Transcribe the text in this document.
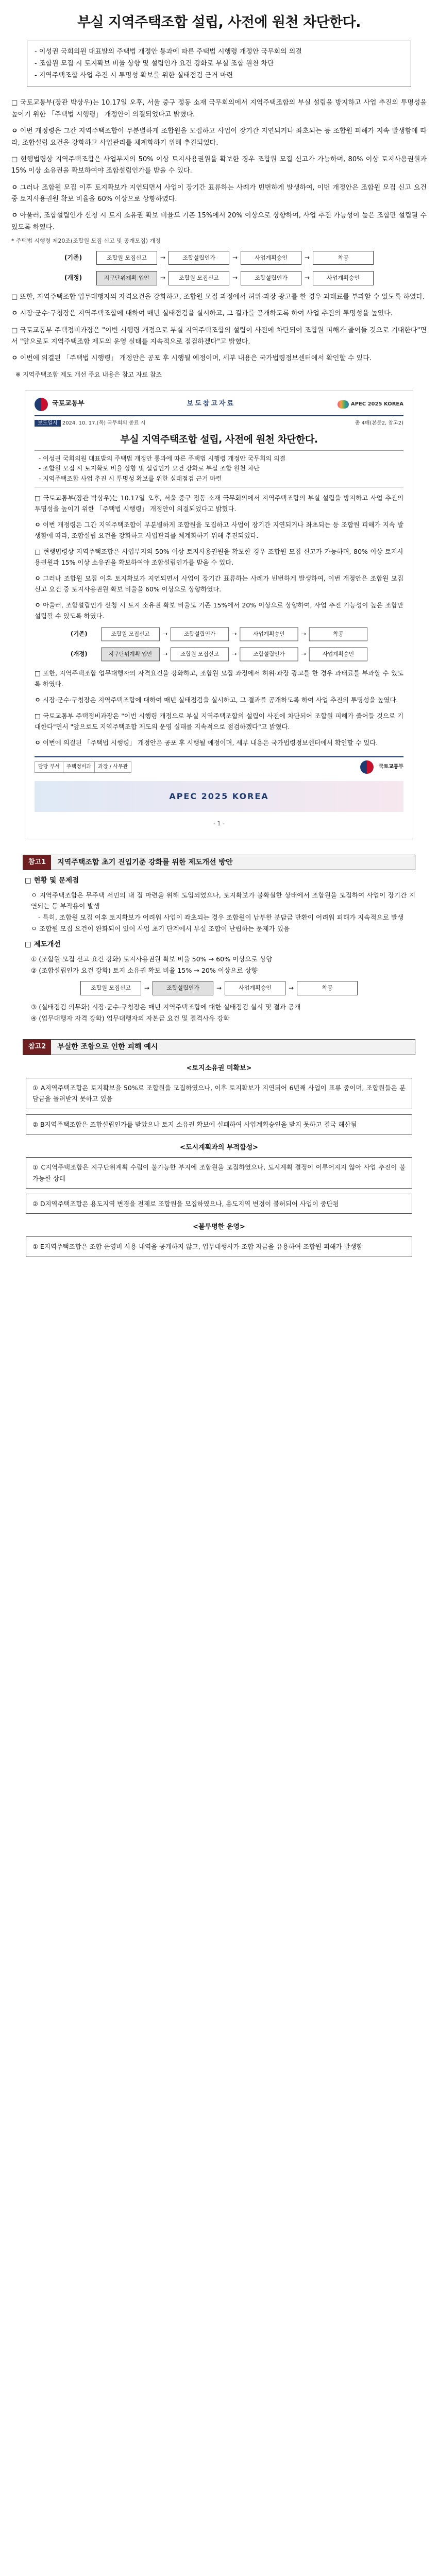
부실 지역주택조합 설립, 사전에 원천 차단한다.
- 이성권 국회의원 대표발의 주택법 개정안 통과에 따른 주택법 시행령 개정안 국무회의 의결
- 조합원 모집 시 토지확보 비율 상향 및 설립인가 요건 강화로 부실 조합 원천 차단
- 지역주택조합 사업 추진 시 투명성 확보를 위한 실태점검 근거 마련
□ 국토교통부(장관 박상우)는 10.17일 오후, 서울 중구 정동 소재 국무회의에서 지역주택조합의 부실 설립을 방지하고 사업 추진의 투명성을 높이기 위한 「주택법 시행령」 개정안이 의결되었다고 밝혔다.
ㅇ 이번 개정령은 그간 지역주택조합이 무분별하게 조합원을 모집하고 사업이 장기간 지연되거나 좌초되는 등 조합원 피해가 지속 발생함에 따라, 조합설립 요건을 강화하고 사업관리를 체계화하기 위해 추진되었다.
□ 현행법령상 지역주택조합은 사업부지의 50% 이상 토지사용권원을 확보한 경우 조합원 모집 신고가 가능하며, 80% 이상 토지사용권원과 15% 이상 소유권을 확보하여야 조합설립인가를 받을 수 있다.
ㅇ 그러나 조합원 모집 이후 토지확보가 지연되면서 사업이 장기간 표류하는 사례가 빈번하게 발생하여, 이번 개정안은 조합원 모집 신고 요건 중 토지사용권원 확보 비율을 60% 이상으로 상향하였다.
ㅇ 아울러, 조합설립인가 신청 시 토지 소유권 확보 비율도 기존 15%에서 20% 이상으로 상향하여, 사업 추진 가능성이 높은 조합만 설립될 수 있도록 하였다.
* 주택법 시행령 제20조(조합원 모집 신고 및 공개모집) 개정
(기존)	조합원 모집신고	→	조합설립인가	→	사업계획승인	→	착공
(개정)	지구단위계획 입안	→	조합원 모집신고	→	조합설립인가	→	사업계획승인
□ 또한, 지역주택조합 업무대행자의 자격요건을 강화하고, 조합원 모집 과정에서 허위·과장 광고를 한 경우 과태료를 부과할 수 있도록 하였다.
ㅇ 시장·군수·구청장은 지역주택조합에 대하여 매년 실태점검을 실시하고, 그 결과를 공개하도록 하여 사업 추진의 투명성을 높였다.
□ 국토교통부 주택정비과장은 "이번 시행령 개정으로 부실 지역주택조합의 설립이 사전에 차단되어 조합원 피해가 줄어들 것으로 기대한다"면서 "앞으로도 지역주택조합 제도의 운영 실태를 지속적으로 점검하겠다"고 밝혔다.
ㅇ 이번에 의결된 「주택법 시행령」 개정안은 공포 후 시행될 예정이며, 세부 내용은 국가법령정보센터에서 확인할 수 있다.
※ 지역주택조합 제도 개선 주요 내용은 참고 자료 참조
국토교통부	보도참고자료	APEC 2025 KOREA
보도일시 2024. 10. 17.(목) 국무회의 종료 시	총 4매(본문2, 참고2)
부실 지역주택조합 설립, 사전에 원천 차단한다.
- 이성권 국회의원 대표발의 주택법 개정안 통과에 따른 주택법 시행령 개정안 국무회의 의결
- 조합원 모집 시 토지확보 비율 상향 및 설립인가 요건 강화로 부실 조합 원천 차단
- 지역주택조합 사업 추진 시 투명성 확보를 위한 실태점검 근거 마련
□ 국토교통부(장관 박상우)는 10.17일 오후, 서울 중구 정동 소재 국무회의에서 지역주택조합의 부실 설립을 방지하고 사업 추진의 투명성을 높이기 위한 「주택법 시행령」 개정안이 의결되었다고 밝혔다.
ㅇ 이번 개정령은 그간 지역주택조합이 무분별하게 조합원을 모집하고 사업이 장기간 지연되거나 좌초되는 등 조합원 피해가 지속 발생함에 따라, 조합설립 요건을 강화하고 사업관리를 체계화하기 위해 추진되었다.
□ 현행법령상 지역주택조합은 사업부지의 50% 이상 토지사용권원을 확보한 경우 조합원 모집 신고가 가능하며, 80% 이상 토지사용권원과 15% 이상 소유권을 확보하여야 조합설립인가를 받을 수 있다.
ㅇ 그러나 조합원 모집 이후 토지확보가 지연되면서 사업이 장기간 표류하는 사례가 빈번하게 발생하여, 이번 개정안은 조합원 모집 신고 요건 중 토지사용권원 확보 비율을 60% 이상으로 상향하였다.
ㅇ 아울러, 조합설립인가 신청 시 토지 소유권 확보 비율도 기존 15%에서 20% 이상으로 상향하여, 사업 추진 가능성이 높은 조합만 설립될 수 있도록 하였다.
(기존)	조합원 모집신고	→	조합설립인가	→	사업계획승인	→	착공
(개정)	지구단위계획 입안	→	조합원 모집신고	→	조합설립인가	→	사업계획승인
□ 또한, 지역주택조합 업무대행자의 자격요건을 강화하고, 조합원 모집 과정에서 허위·과장 광고를 한 경우 과태료를 부과할 수 있도록 하였다.
ㅇ 시장·군수·구청장은 지역주택조합에 대하여 매년 실태점검을 실시하고, 그 결과를 공개하도록 하여 사업 추진의 투명성을 높였다.
□ 국토교통부 주택정비과장은 "이번 시행령 개정으로 부실 지역주택조합의 설립이 사전에 차단되어 조합원 피해가 줄어들 것으로 기대한다"면서 "앞으로도 지역주택조합 제도의 운영 실태를 지속적으로 점검하겠다"고 밝혔다.
ㅇ 이번에 의결된 「주택법 시행령」 개정안은 공포 후 시행될 예정이며, 세부 내용은 국가법령정보센터에서 확인할 수 있다.
담당 부서	주택정비과	과장 / 사무관	국토교통부
APEC 2025 KOREA
- 1 -
참고1	지역주택조합 초기 진입기준 강화를 위한 제도개선 방안
□ 현황 및 문제점
ㅇ 지역주택조합은 무주택 서민의 내 집 마련을 위해 도입되었으나, 토지확보가 불확실한 상태에서 조합원을 모집하여 사업이 장기간 지연되는 등 부작용이 발생
- 특히, 조합원 모집 이후 토지확보가 어려워 사업이 좌초되는 경우 조합원이 납부한 분담금 반환이 어려워 피해가 지속적으로 발생
ㅇ 조합원 모집 요건이 완화되어 있어 사업 초기 단계에서 부실 조합이 난립하는 문제가 있음
□ 제도개선
① (조합원 모집 신고 요건 강화) 토지사용권원 확보 비율 50% → 60% 이상으로 상향
② (조합설립인가 요건 강화) 토지 소유권 확보 비율 15% → 20% 이상으로 상향
조합원 모집신고	→	조합설립인가	→	사업계획승인	→	착공
③ (실태점검 의무화) 시장·군수·구청장은 매년 지역주택조합에 대한 실태점검 실시 및 결과 공개
④ (업무대행자 자격 강화) 업무대행자의 자본금 요건 및 결격사유 강화
참고2	부실한 조합으로 인한 피해 예시
<토지소유권 미확보>
① A지역주택조합은 토지확보율 50%로 조합원을 모집하였으나, 이후 토지확보가 지연되어 6년째 사업이 표류 중이며, 조합원들은 분담금을 돌려받지 못하고 있음
② B지역주택조합은 조합설립인가를 받았으나 토지 소유권 확보에 실패하여 사업계획승인을 받지 못하고 결국 해산됨
<도시계획과의 부적합성>
① C지역주택조합은 지구단위계획 수립이 불가능한 부지에 조합원을 모집하였으나, 도시계획 결정이 이루어지지 않아 사업 추진이 불가능한 상태
② D지역주택조합은 용도지역 변경을 전제로 조합원을 모집하였으나, 용도지역 변경이 불허되어 사업이 중단됨
<불투명한 운영>
① E지역주택조합은 조합 운영비 사용 내역을 공개하지 않고, 업무대행사가 조합 자금을 유용하여 조합원 피해가 발생함
